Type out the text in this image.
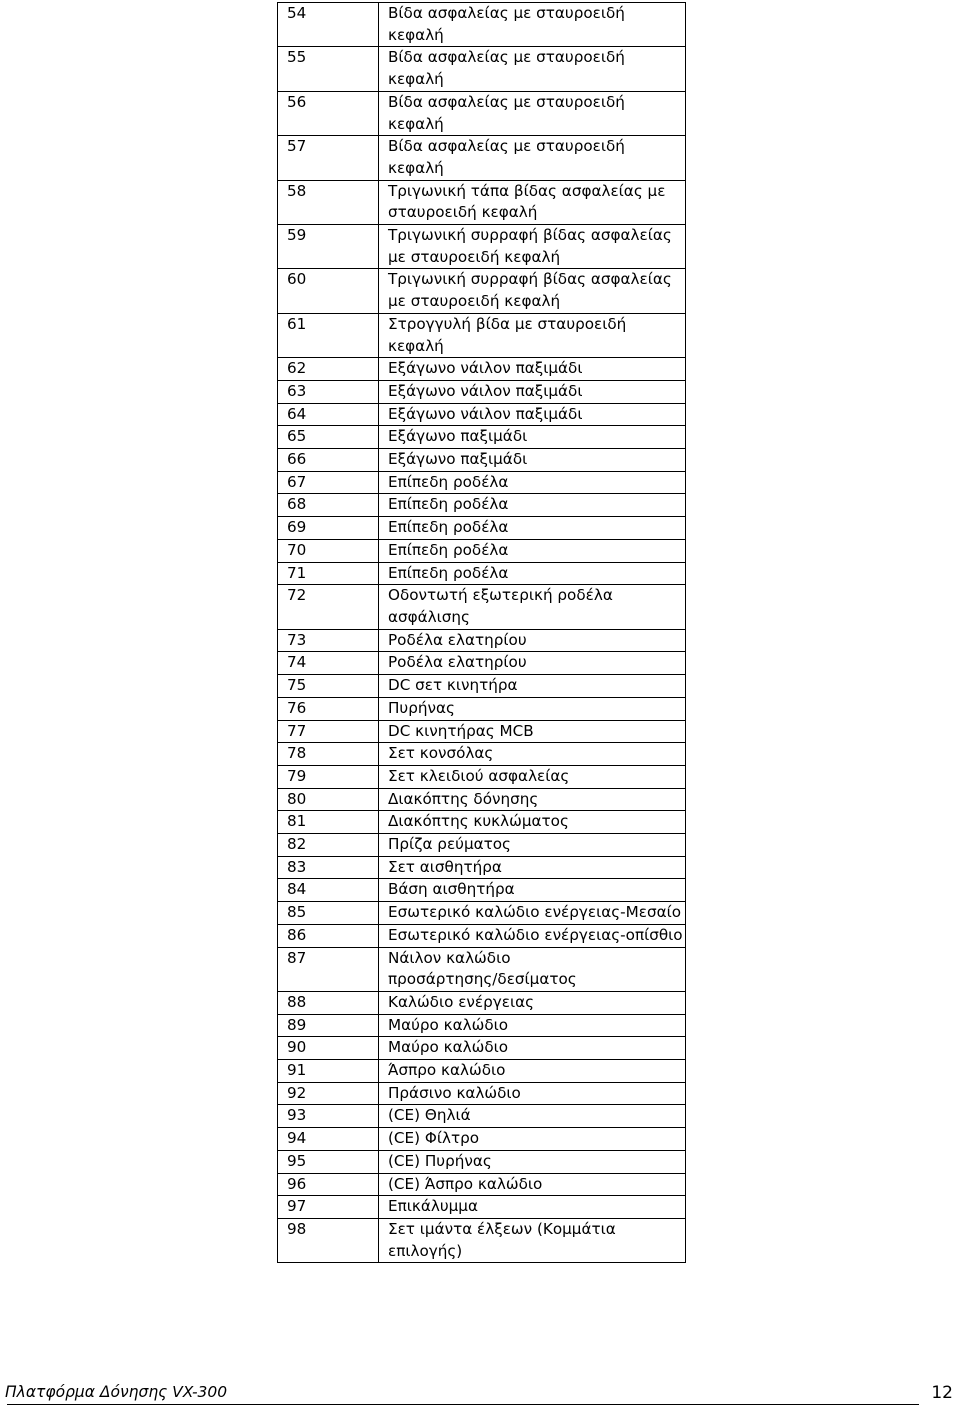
54	Βίδα ασφαλείας με σταυροειδή κεφαλή
55	Βίδα ασφαλείας με σταυροειδή κεφαλή
56	Βίδα ασφαλείας με σταυροειδή κεφαλή
57	Βίδα ασφαλείας με σταυροειδή κεφαλή
58	Τριγωνική τάπα βίδας ασφαλείας με
σταυροειδή κεφαλή
59	Τριγωνική συρραφή βίδας ασφαλείας
με σταυροειδή κεφαλή
60	Τριγωνική συρραφή βίδας ασφαλείας
με σταυροειδή κεφαλή
61	Στρογγυλή βίδα με σταυροειδή
κεφαλή
62	Εξάγωνο νάιλον παξιμάδι
63	Εξάγωνο νάιλον παξιμάδι
64	Εξάγωνο νάιλον παξιμάδι
65	Εξάγωνο παξιμάδι
66	Εξάγωνο παξιμάδι
67	Επίπεδη ροδέλα
68	Επίπεδη ροδέλα
69	Επίπεδη ροδέλα
70	Επίπεδη ροδέλα
71	Επίπεδη ροδέλα
72	Οδοντωτή εξωτερική ροδέλα
ασφάλισης
73	Ροδέλα ελατηρίου
74	Ροδέλα ελατηρίου
75	DC σετ κινητήρα
76	Πυρήνας
77	DC κινητήρας MCB
78	Σετ κονσόλας
79	Σετ κλειδιού ασφαλείας
80	Διακόπτης δόνησης
81	Διακόπτης κυκλώματος
82	Πρίζα ρεύματος
83	Σετ αισθητήρα
84	Βάση αισθητήρα
85	Εσωτερικό καλώδιο ενέργειας-Μεσαίο
86	Εσωτερικό καλώδιο ενέργειας-οπίσθιο
87	Νάιλον καλώδιο
προσάρτησης/δεσίματος
88	Καλώδιο ενέργειας
89	Μαύρο καλώδιο
90	Μαύρο καλώδιο
91	Άσπρο καλώδιο
92	Πράσινο καλώδιο
93	(CE) Θηλιά
94	(CE) Φίλτρο
95	(CE) Πυρήνας
96	(CE) Άσπρο καλώδιο
97	Επικάλυμμα
98	Σετ ιμάντα έλξεων (Κομμάτια
επιλογής)
Πλατφόρμα Δόνησης VX-300	12
